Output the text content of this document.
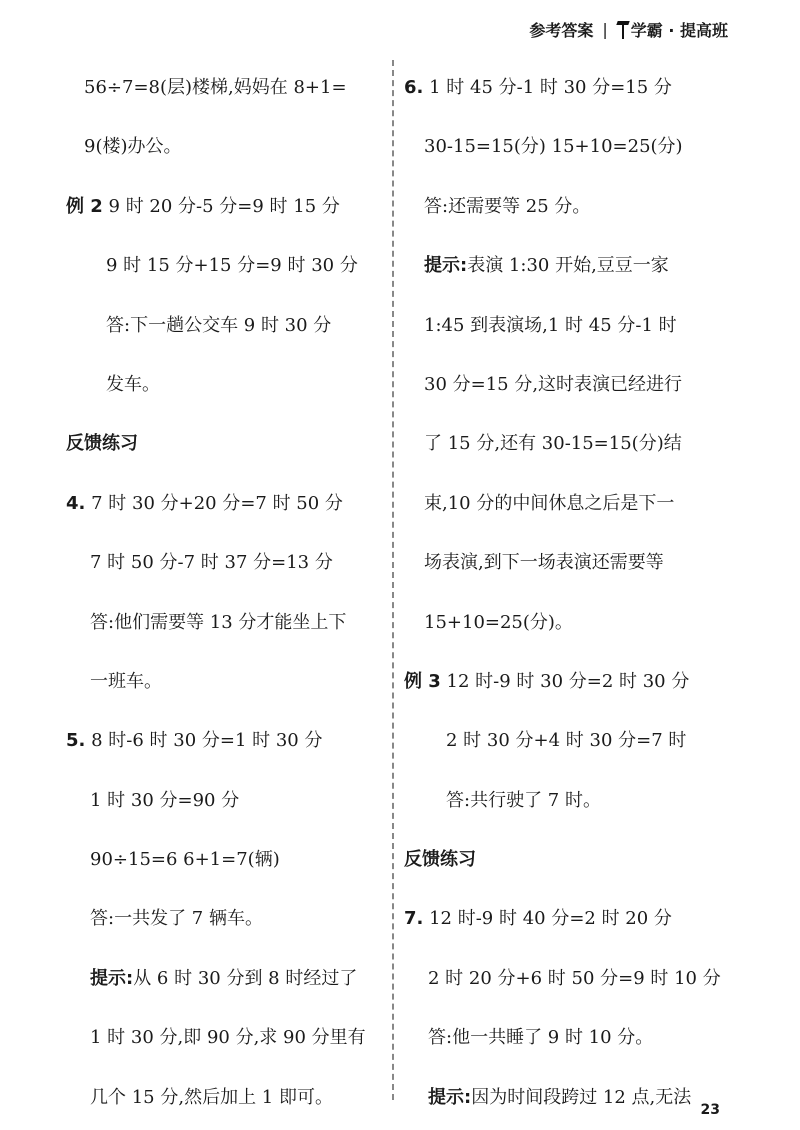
参考答案 | 学霸 · 提高班
56÷7=8(层)楼梯,妈妈在 8+1=
9(楼)办公。
例 2 9 时 20 分-5 分=9 时 15 分
9 时 15 分+15 分=9 时 30 分
答:下一趟公交车 9 时 30 分
发车。
反馈练习
4. 7 时 30 分+20 分=7 时 50 分
7 时 50 分-7 时 37 分=13 分
答:他们需要等 13 分才能坐上下
一班车。
5. 8 时-6 时 30 分=1 时 30 分
1 时 30 分=90 分
90÷15=6 6+1=7(辆)
答:一共发了 7 辆车。
提示:从 6 时 30 分到 8 时经过了
1 时 30 分,即 90 分,求 90 分里有
几个 15 分,然后加上 1 即可。
6. 1 时 45 分-1 时 30 分=15 分
30-15=15(分) 15+10=25(分)
答:还需要等 25 分。
提示:表演 1:30 开始,豆豆一家
1:45 到表演场,1 时 45 分-1 时
30 分=15 分,这时表演已经进行
了 15 分,还有 30-15=15(分)结
束,10 分的中间休息之后是下一
场表演,到下一场表演还需要等
15+10=25(分)。
例 3 12 时-9 时 30 分=2 时 30 分
2 时 30 分+4 时 30 分=7 时
答:共行驶了 7 时。
反馈练习
7. 12 时-9 时 40 分=2 时 20 分
2 时 20 分+6 时 50 分=9 时 10 分
答:他一共睡了 9 时 10 分。
提示:因为时间段跨过 12 点,无法
23
